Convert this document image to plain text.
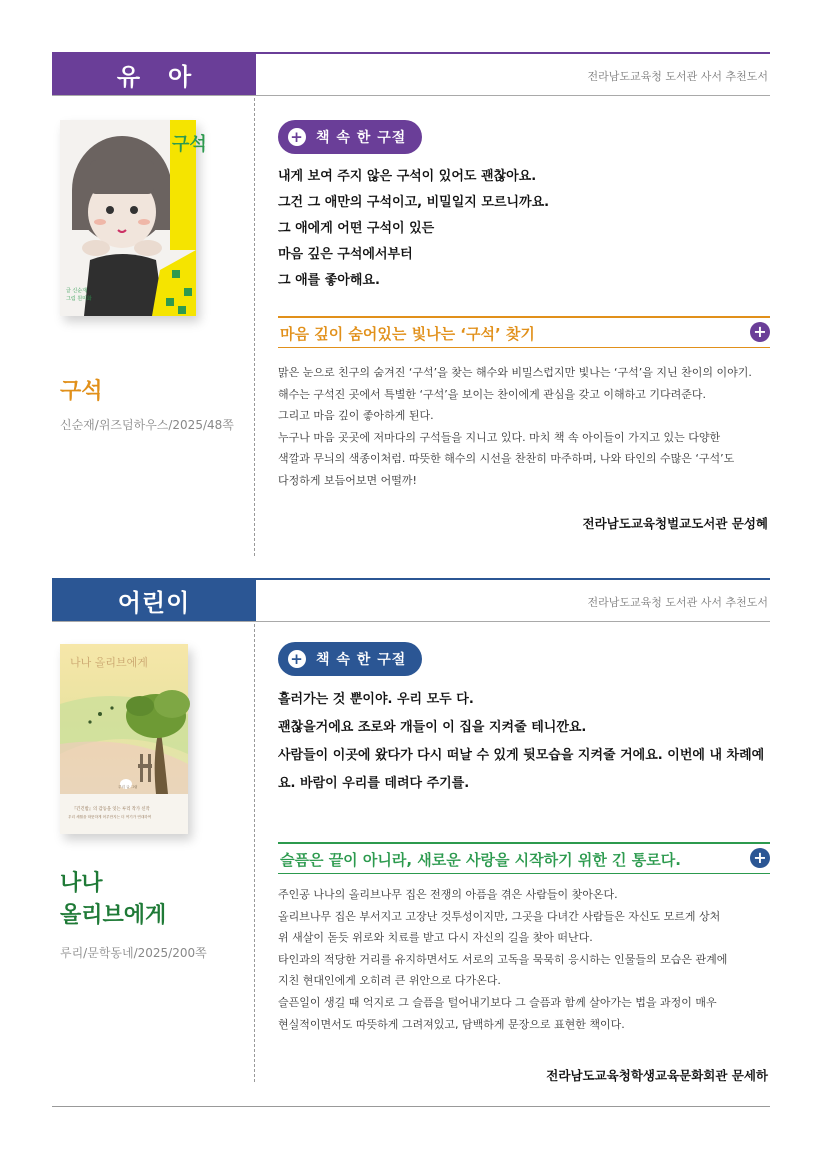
유아	전라남도교육청 도서관 사서 추천도서
구석
글 신순재
그림 원미화
구석
신순재/위즈덤하우스/2025/48쪽
+ 책 속 한 구절
내게 보여 주지 않은 구석이 있어도 괜찮아요.
그건 그 애만의 구석이고, 비밀일지 모르니까요.
그 애에게 어떤 구석이 있든
마음 깊은 구석에서부터
그 애를 좋아해요.
마음 깊이 숨어있는 빛나는 ‘구석’ 찾기	+
맑은 눈으로 친구의 숨겨진 ‘구석’을 찾는 해수와 비밀스럽지만 빛나는 ‘구석’을 지닌 찬이의 이야기.
해수는 구석진 곳에서 특별한 ‘구석’을 보이는 찬이에게 관심을 갖고 이해하고 기다려준다.
그리고 마음 깊이 좋아하게 된다.
누구나 마음 곳곳에 저마다의 구석들을 지니고 있다. 마치 책 속 아이들이 가지고 있는 다양한
색깔과 무늬의 색종이처럼. 따뜻한 해수의 시선을 찬찬히 마주하며, 나와 타인의 수많은 ‘구석’도
다정하게 보듬어보면 어떨까!
전라남도교육청벌교도서관 문성혜
어린이	전라남도교육청 도서관 사서 추천도서
나나 올리브에게
『긴긴밤』의 감동을 잇는 루리 작가 신작
우리 세월을 따뜻하게 어루만지는 더 여기가 연대하여
루리 글 그림
나나
올리브에게
루리/문학동네/2025/200쪽
+ 책 속 한 구절
흘러가는 것 뿐이야. 우리 모두 다.
괜찮을거에요 조로와 개들이 이 집을 지켜줄 테니깐요.
사람들이 이곳에 왔다가 다시 떠날 수 있게 뒷모습을 지켜줄 거에요. 이번에 내 차례예요. 바람이 우리를 데려다 주기를.
슬픔은 끝이 아니라, 새로운 사랑을 시작하기 위한 긴 통로다.	+
주인공 나나의 올리브나무 집은 전쟁의 아픔을 겪은 사람들이 찾아온다.
올리브나무 집은 부서지고 고장난 것투성이지만, 그곳을 다녀간 사람들은 자신도 모르게 상처
위 새살이 돋듯 위로와 치료를 받고 다시 자신의 길을 찾아 떠난다.
타인과의 적당한 거리를 유지하면서도 서로의 고독을 묵묵히 응시하는 인물들의 모습은 관계에
지친 현대인에게 오히려 큰 위안으로 다가온다.
슬픈일이 생길 때 억지로 그 슬픔을 털어내기보다 그 슬픔과 함께 살아가는 법을 과정이 매우
현실적이면서도 따뜻하게 그려져있고, 담백하게 문장으로 표현한 책이다.
전라남도교육청학생교육문화회관 문세하
